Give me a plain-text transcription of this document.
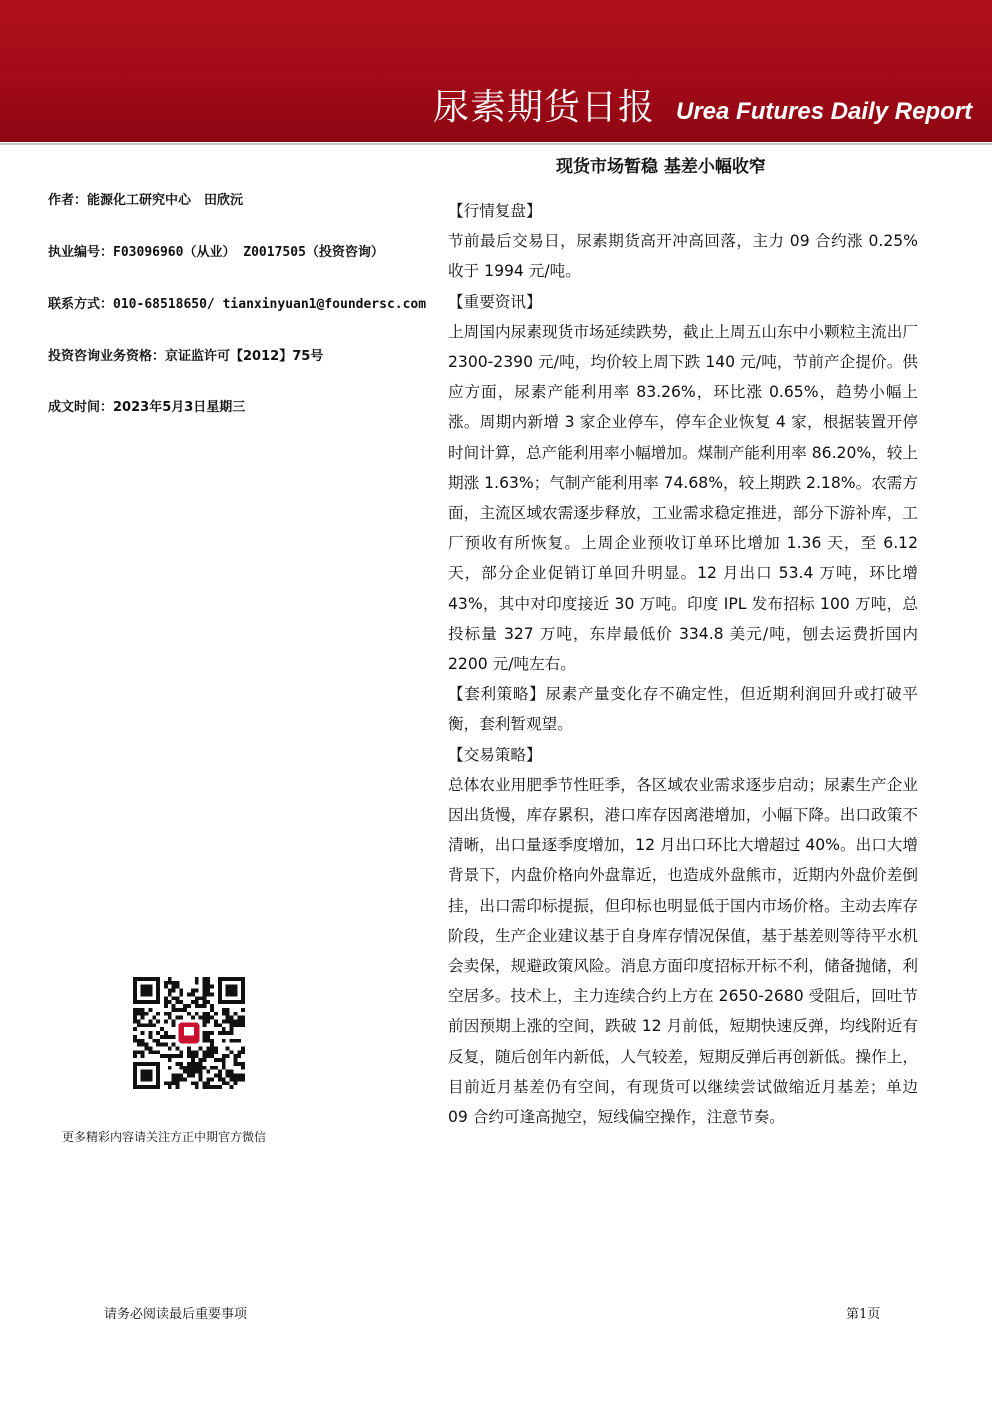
尿素期货日报 Urea Futures Daily Report
现货市场暂稳 基差小幅收窄
作者：能源化工研究中心　田欣沅
执业编号：F03096960（从业） Z0017505（投资咨询）
联系方式：010-68518650/ tianxinyuan1@foundersc.com
投资咨询业务资格：京证监许可【2012】75号
成文时间：2023年5月3日星期三
更多精彩内容请关注方正中期官方微信

【行情复盘】

节前最后交易日，尿素期货高开冲高回落，主力 09 合约涨 0.25%收于 1994 元/吨。

【重要资讯】

上周国内尿素现货市场延续跌势，截止上周五山东中小颗粒主流出厂 2300-2390 元/吨，均价较上周下跌 140 元/吨，节前产企提价。供应方面，尿素产能利用率 83.26%，环比涨 0.65%，趋势小幅上涨。周期内新增 3 家企业停车，停车企业恢复 4 家，根据装置开停时间计算，总产能利用率小幅增加。煤制产能利用率 86.20%，较上期涨 1.63%；气制产能利用率 74.68%，较上期跌 2.18%。农需方面，主流区域农需逐步释放，工业需求稳定推进，部分下游补库，工厂预收有所恢复。上周企业预收订单环比增加 1.36 天，至 6.12 天，部分企业促销订单回升明显。12 月出口 53.4 万吨，环比增 43%，其中对印度接近 30 万吨。印度 IPL 发布招标 100 万吨，总投标量 327 万吨，东岸最低价 334.8 美元/吨，刨去运费折国内 2200 元/吨左右。

【套利策略】尿素产量变化存不确定性，但近期利润回升或打破平衡，套利暂观望。

【交易策略】

总体农业用肥季节性旺季，各区域农业需求逐步启动；尿素生产企业因出货慢，库存累积，港口库存因离港增加，小幅下降。出口政策不清晰，出口量逐季度增加，12 月出口环比大增超过 40%。出口大增背景下，内盘价格向外盘靠近，也造成外盘熊市，近期内外盘价差倒挂，出口需印标提振，但印标也明显低于国内市场价格。主动去库存阶段，生产企业建议基于自身库存情况保值，基于基差则等待平水机会卖保，规避政策风险。消息方面印度招标开标不利，储备抛储，利空居多。技术上，主力连续合约上方在 2650-2680 受阻后，回吐节前因预期上涨的空间，跌破 12 月前低，短期快速反弹，均线附近有反复，随后创年内新低，人气较差，短期反弹后再创新低。操作上，目前近月基差仍有空间，有现货可以继续尝试做缩近月基差；单边 09 合约可逢高抛空，短线偏空操作，注意节奏。

请务必阅读最后重要事项	第1页
